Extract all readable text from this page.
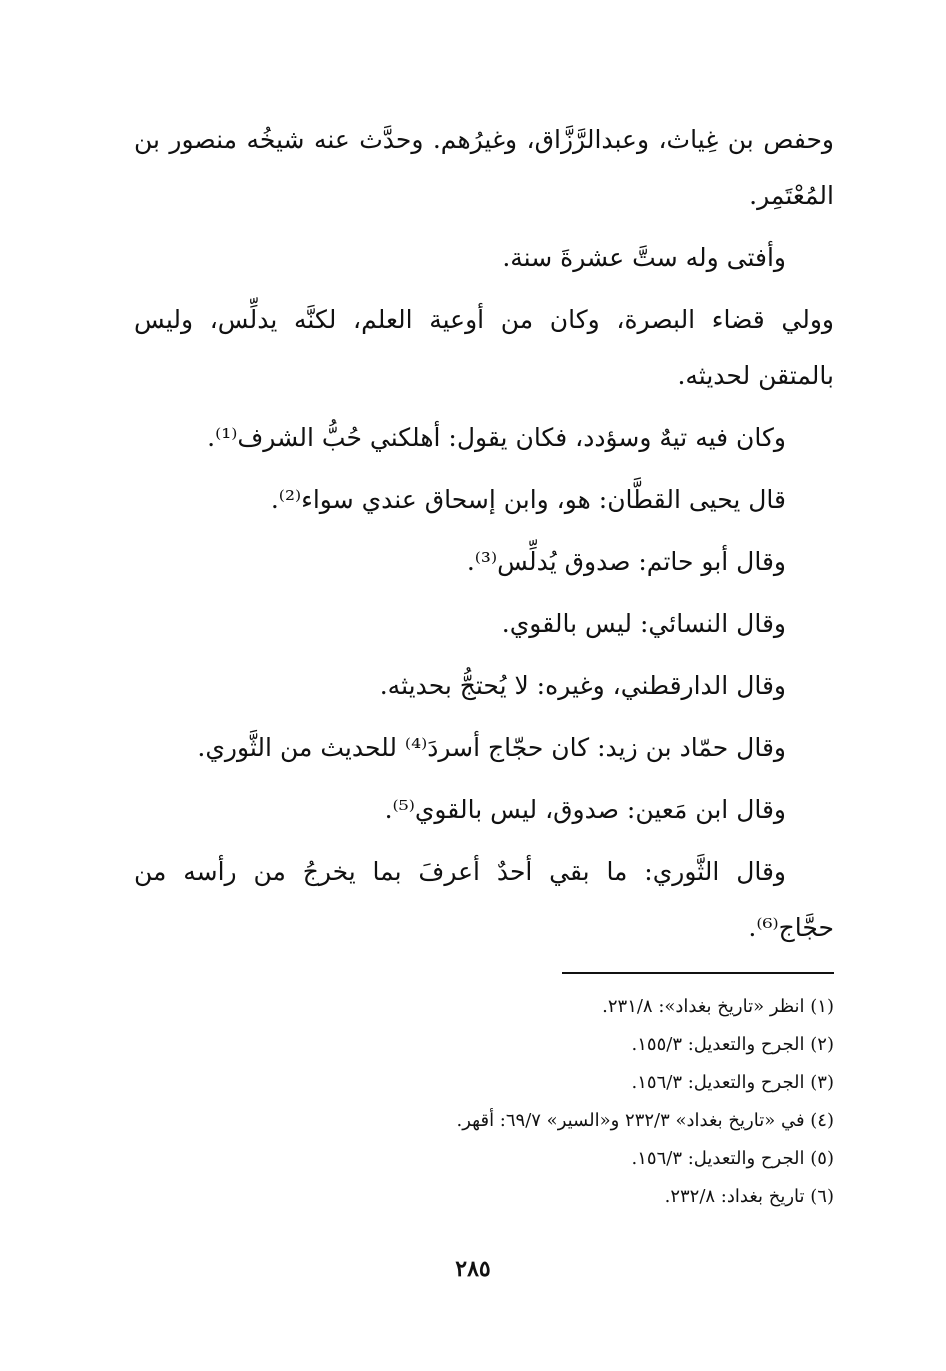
وحفص بن غِياث، وعبدالرَّزَّاق، وغيرُهم. وحدَّث عنه شيخُه منصور بن المُعْتَمِر.

وأفتى وله ستَّ عشرةَ سنة.

وولي قضاء البصرة، وكان من أوعية العلم، لكنَّه يدلِّس، وليس بالمتقن لحديثه.

وكان فيه تيهٌ وسؤدد، فكان يقول: أهلكني حُبُّ الشرف⁽¹⁾.

قال يحيى القطَّان: هو، وابن إسحاق عندي سواء⁽²⁾.

وقال أبو حاتم: صدوق يُدلِّس⁽³⁾.

وقال النسائي: ليس بالقوي.

وقال الدارقطني، وغيره: لا يُحتجُّ بحديثه.

وقال حمّاد بن زيد: كان حجّاج أسردَ⁽⁴⁾ للحديث من الثَّوري.

وقال ابن مَعين: صدوق، ليس بالقوي⁽⁵⁾.

وقال الثَّوري: ما بقي أحدٌ أعرفَ بما يخرجُ من رأسه من حجَّاج⁽⁶⁾.

(١) انظر «تاريخ بغداد»: ٢٣١/٨.

(٢) الجرح والتعديل: ١٥٥/٣.

(٣) الجرح والتعديل: ١٥٦/٣.

(٤) في «تاريخ بغداد» ٢٣٢/٣ و«السير» ٦٩/٧: أقهر.

(٥) الجرح والتعديل: ١٥٦/٣.

(٦) تاريخ بغداد: ٢٣٢/٨.

٢٨٥
